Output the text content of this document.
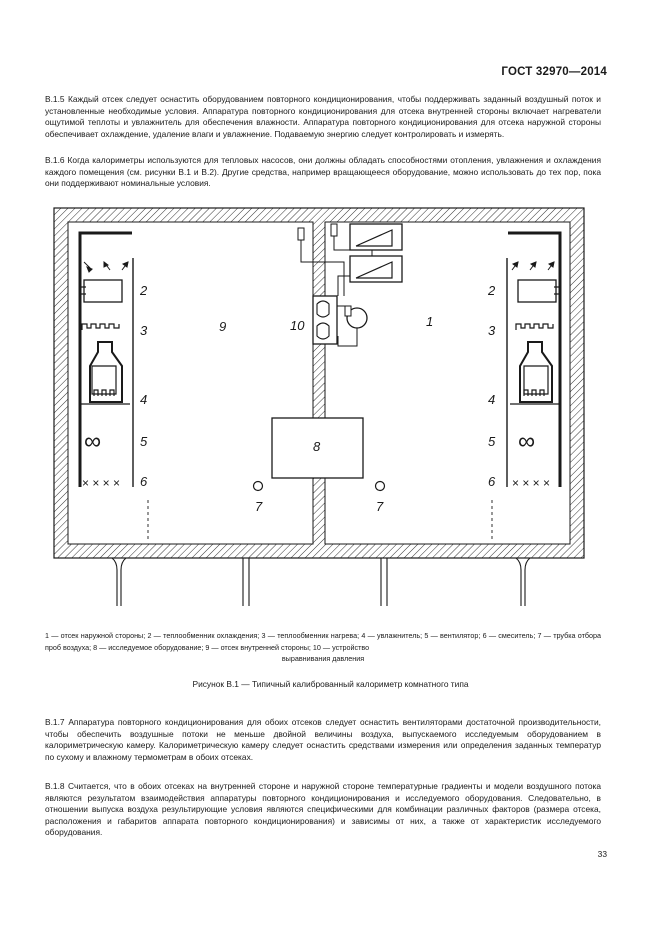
ГОСТ 32970—2014

В.1.5 Каждый отсек следует оснастить оборудованием повторного кондиционирования, чтобы поддерживать заданный воздушный поток и установленные необходимые условия. Аппаратура повторного кондиционирования для отсека внутренней стороны включает нагреватели ощутимой теплоты и увлажнитель для обеспечения влажности. Аппаратура повторного кондиционирования для отсека наружной стороны обеспечивает охлаждение, удаление влаги и увлажнение. Подаваемую энергию следует контролировать и измерять.

В.1.6 Когда калориметры используются для тепловых насосов, они должны обладать способностями отопления, увлажнения и охлаждения каждого помещения (см. рисунки В.1 и В.2). Другие средства, например вращающееся оборудование, можно использовать до тех пор, пока они поддерживают номинальные условия.

∞
× × × ×
∞
× × × ×
2
3
4
5
6
9	10	1
8
7	7
2
3
4
5
6

1 — отсек наружной стороны; 2 — теплообменник охлаждения; 3 — теплообменник нагрева; 4 — увлажнитель; 5 — вентилятор; 6 — смеситель; 7 — трубка отбора проб воздуха; 8 — исследуемое оборудование; 9 — отсек внутренней стороны; 10 — устройство
выравнивания давления

Рисунок В.1 — Типичный калиброванный калориметр комнатного типа

В.1.7 Аппаратура повторного кондиционирования для обоих отсеков следует оснастить вентиляторами достаточной производительности, чтобы обеспечить воздушные потоки не меньше двойной величины воздуха, выпускаемого исследуемым оборудованием в калориметрическую камеру. Калориметрическую камеру следует оснастить средствами измерения или определения заданных температур по сухому и влажному термометрам в обоих отсеках.

В.1.8 Считается, что в обоих отсеках на внутренней стороне и наружной стороне температурные градиенты и модели воздушного потока являются результатом взаимодействия аппаратуры повторного кондиционирования и исследуемого оборудования. Следовательно, в отношении выпуска воздуха результирующие условия являются специфическими для комбинации различных факторов (размера отсека, расположения и габаритов аппарата повторного кондиционирования) и зависимы от них, а также от характеристик исследуемого оборудования.

33
